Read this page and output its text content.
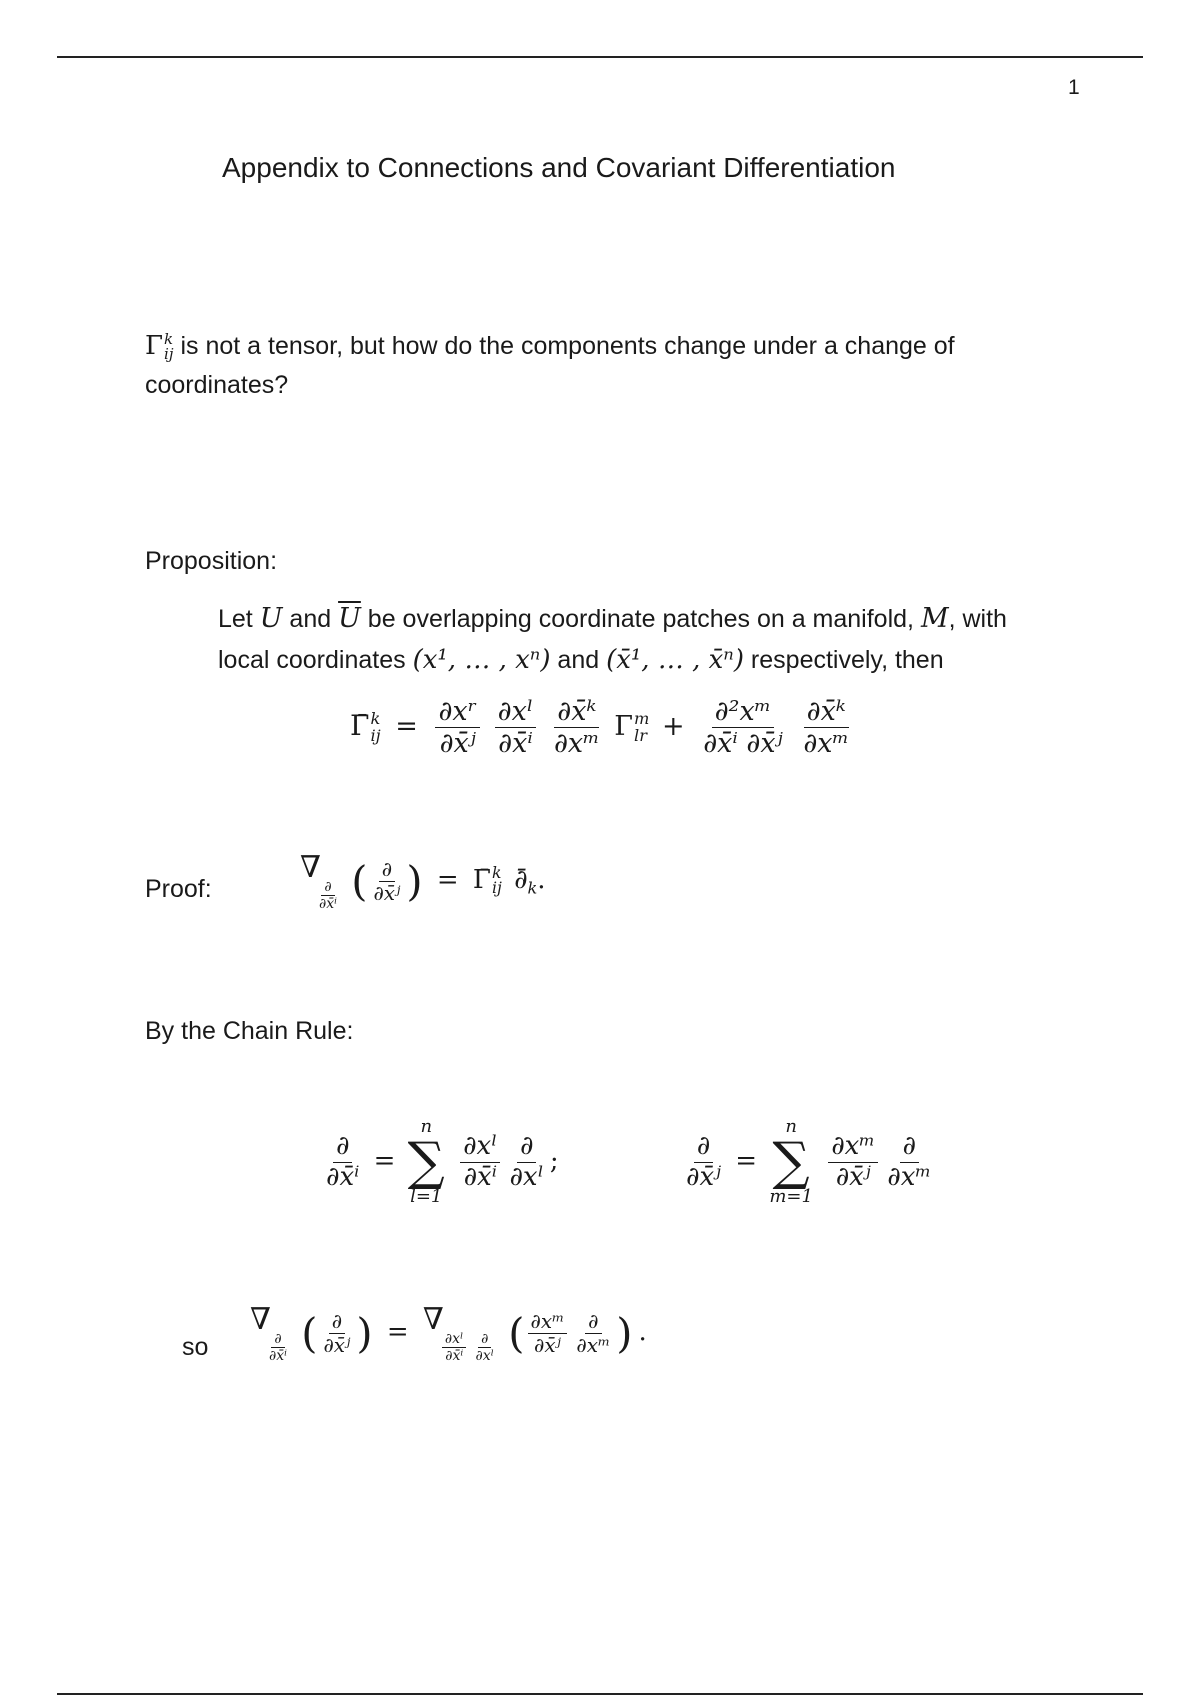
1
Appendix to Connections and Covariant Differentiation
Γ k
ij is not a tensor, but how do the components change under a change of
coordinates?
Proposition:
Let U and $\overline{U}$ be overlapping coordinate patches on a manifold, M, with
local coordinates (x¹, … , xⁿ) and (x̄¹, … , x̄ⁿ) respectively, then
Γ̄ k
ij = $\frac{\text{∂xʳ}}{\text{∂x̄ʲ}}$
$\frac{\text{∂xˡ}}{\text{∂x̄ⁱ}}$
$\frac{\text{∂x̄ᵏ}}{\text{∂xᵐ}}$ Γ m
lr + $\frac{\text{∂²xᵐ}}{\text{∂x̄ⁱ ∂x̄ʲ}}$
$\frac{\text{∂x̄ᵏ}}{\text{∂xᵐ}}$
Proof:
∇
$\frac{\partial}{\text{∂x̄ⁱ}}$ ( $\frac{\partial}{\text{∂x̄ʲ}}$ ) = Γ̄ k
ij $\partial̄_k$.
By the Chain Rule:
$\frac{\partial}{\text{∂x̄ⁱ}}$ =
n
∑
l=1

$\frac{\text{∂xˡ}}{\text{∂x̄ⁱ}} \frac{\partial}{\text{∂xˡ}}$ ;	$\frac{\partial}{\text{∂x̄ʲ}}$ =
n
∑
m=1

$\frac{\text{∂xᵐ}}{\text{∂x̄ʲ}} \frac{\partial}{\text{∂xᵐ}}$
so
∇
$\frac{\partial}{\text{∂x̄ⁱ}}$ ( $\frac{\partial}{\text{∂x̄ʲ}}$ ) = ∇
$\frac{\text{∂xˡ}}{\text{∂x̄ⁱ}} \frac{\partial}{\text{∂xˡ}}$ ( $\frac{\text{∂xᵐ}}{\text{∂x̄ʲ}} \frac{\partial}{\text{∂xᵐ}}$ ) .
